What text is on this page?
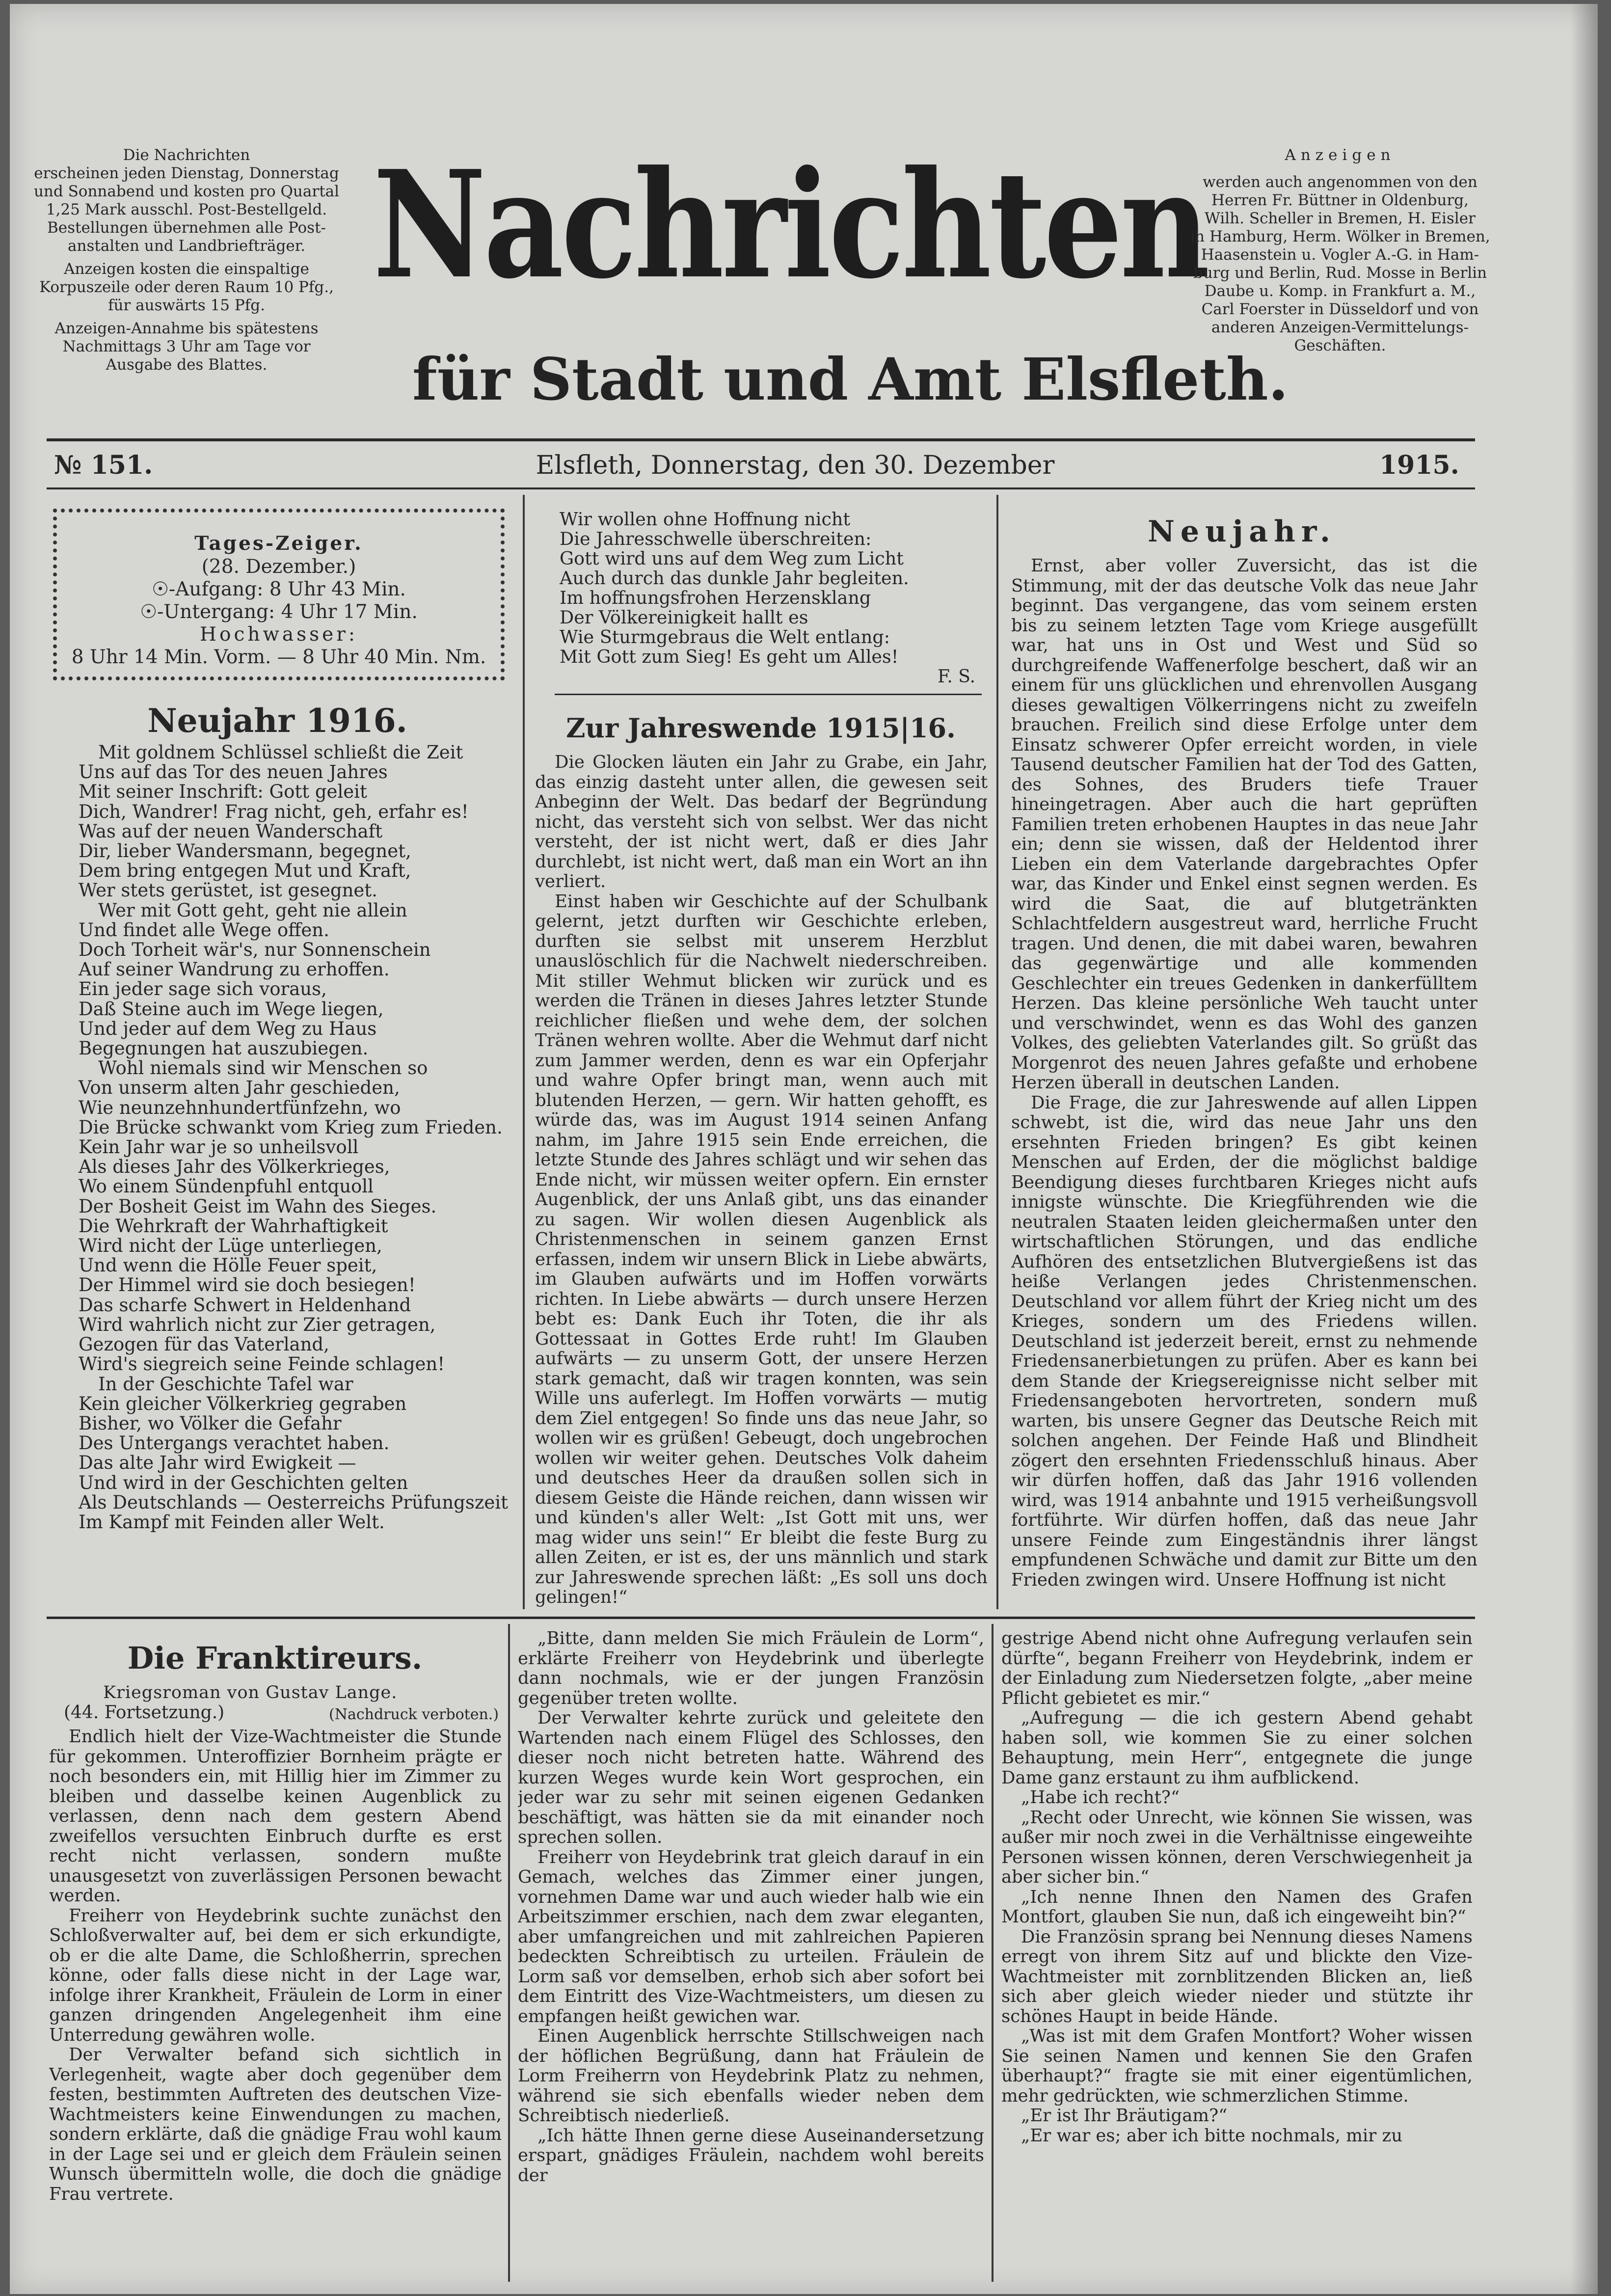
Die Nachrichten
erscheinen jeden Dienstag, Donnerstag
und Sonnabend und kosten pro Quartal
1,25 Mark ausschl. Post-Bestellgeld.
Bestellungen übernehmen alle Post-
anstalten und Landbriefträger.
Anzeigen kosten die einspaltige
Korpuszeile oder deren Raum 10 Pfg.,
für auswärts 15 Pfg.
Anzeigen-Annahme bis spätestens
Nachmittags 3 Uhr am Tage vor
Ausgabe des Blattes.
Nachrichten
für Stadt und Amt Elsfleth.
Anzeigen
werden auch angenommen von den
Herren Fr. Büttner in Oldenburg,
Wilh. Scheller in Bremen, H. Eisler
in Hamburg, Herm. Wölker in Bremen,
Haasenstein u. Vogler A.-G. in Ham-
burg und Berlin, Rud. Mosse in Berlin
Daube u. Komp. in Frankfurt a. M.,
Carl Foerster in Düsseldorf und von
anderen Anzeigen-Vermittelungs-
Geschäften.
№ 151.	Elsfleth, Donnerstag, den 30. Dezember	1915.
Tages-Zeiger.
(28. Dezember.)
☉-Aufgang: 8 Uhr 43 Min.
☉-Untergang: 4 Uhr 17 Min.
Hochwasser:
8 Uhr 14 Min. Vorm. — 8 Uhr 40 Min. Nm.
Neujahr 1916.
Mit goldnem Schlüssel schließt die Zeit
Uns auf das Tor des neuen Jahres
Mit seiner Inschrift: Gott geleit
Dich, Wandrer! Frag nicht, geh, erfahr es!
Was auf der neuen Wanderschaft
Dir, lieber Wandersmann, begegnet,
Dem bring entgegen Mut und Kraft,
Wer stets gerüstet, ist gesegnet.
Wer mit Gott geht, geht nie allein
Und findet alle Wege offen.
Doch Torheit wär's, nur Sonnenschein
Auf seiner Wandrung zu erhoffen.
Ein jeder sage sich voraus,
Daß Steine auch im Wege liegen,
Und jeder auf dem Weg zu Haus
Begegnungen hat auszubiegen.
Wohl niemals sind wir Menschen so
Von unserm alten Jahr geschieden,
Wie neunzehnhundertfünfzehn, wo
Die Brücke schwankt vom Krieg zum Frieden.
Kein Jahr war je so unheilsvoll
Als dieses Jahr des Völkerkrieges,
Wo einem Sündenpfuhl entquoll
Der Bosheit Geist im Wahn des Sieges.
Die Wehrkraft der Wahrhaftigkeit
Wird nicht der Lüge unterliegen,
Und wenn die Hölle Feuer speit,
Der Himmel wird sie doch besiegen!
Das scharfe Schwert in Heldenhand
Wird wahrlich nicht zur Zier getragen,
Gezogen für das Vaterland,
Wird's siegreich seine Feinde schlagen!
In der Geschichte Tafel war
Kein gleicher Völkerkrieg gegraben
Bisher, wo Völker die Gefahr
Des Untergangs verachtet haben.
Das alte Jahr wird Ewigkeit —
Und wird in der Geschichten gelten
Als Deutschlands — Oesterreichs Prüfungszeit
Im Kampf mit Feinden aller Welt.
Wir wollen ohne Hoffnung nicht
Die Jahresschwelle überschreiten:
Gott wird uns auf dem Weg zum Licht
Auch durch das dunkle Jahr begleiten.
Im hoffnungsfrohen Herzensklang
Der Völkereinigkeit hallt es
Wie Sturmgebraus die Welt entlang:
Mit Gott zum Sieg! Es geht um Alles!
F. S.
Zur Jahreswende 1915|16.

Die Glocken läuten ein Jahr zu Grabe, ein Jahr, das einzig dasteht unter allen, die gewesen seit Anbeginn der Welt. Das bedarf der Begründung nicht, das versteht sich von selbst. Wer das nicht versteht, der ist nicht wert, daß er dies Jahr durchlebt, ist nicht wert, daß man ein Wort an ihn verliert.

Einst haben wir Geschichte auf der Schulbank gelernt, jetzt durften wir Geschichte erleben, durften sie selbst mit unserem Herzblut unauslöschlich für die Nachwelt niederschreiben. Mit stiller Wehmut blicken wir zurück und es werden die Tränen in dieses Jahres letzter Stunde reichlicher fließen und wehe dem, der solchen Tränen wehren wollte. Aber die Wehmut darf nicht zum Jammer werden, denn es war ein Opferjahr und wahre Opfer bringt man, wenn auch mit blutenden Herzen, — gern. Wir hatten gehofft, es würde das, was im August 1914 seinen Anfang nahm, im Jahre 1915 sein Ende erreichen, die letzte Stunde des Jahres schlägt und wir sehen das Ende nicht, wir müssen weiter opfern. Ein ernster Augenblick, der uns Anlaß gibt, uns das einander zu sagen. Wir wollen diesen Augenblick als Christenmenschen in seinem ganzen Ernst erfassen, indem wir unsern Blick in Liebe abwärts, im Glauben aufwärts und im Hoffen vorwärts richten. In Liebe abwärts — durch unsere Herzen bebt es: Dank Euch ihr Toten, die ihr als Gottessaat in Gottes Erde ruht! Im Glauben aufwärts — zu unserm Gott, der unsere Herzen stark gemacht, daß wir tragen konnten, was sein Wille uns auferlegt. Im Hoffen vorwärts — mutig dem Ziel entgegen! So finde uns das neue Jahr, so wollen wir es grüßen! Gebeugt, doch ungebrochen wollen wir weiter gehen. Deutsches Volk daheim und deutsches Heer da draußen sollen sich in diesem Geiste die Hände reichen, dann wissen wir und künden's aller Welt: „Ist Gott mit uns, wer mag wider uns sein!“ Er bleibt die feste Burg zu allen Zeiten, er ist es, der uns männlich und stark zur Jahreswende sprechen läßt: „Es soll uns doch gelingen!“

Neujahr.

Ernst, aber voller Zuversicht, das ist die Stimmung, mit der das deutsche Volk das neue Jahr beginnt. Das vergangene, das vom seinem ersten bis zu seinem letzten Tage vom Kriege ausgefüllt war, hat uns in Ost und West und Süd so durchgreifende Waffenerfolge beschert, daß wir an einem für uns glücklichen und ehrenvollen Ausgang dieses gewaltigen Völkerringens nicht zu zweifeln brauchen. Freilich sind diese Erfolge unter dem Einsatz schwerer Opfer erreicht worden, in viele Tausend deutscher Familien hat der Tod des Gatten, des Sohnes, des Bruders tiefe Trauer hineingetragen. Aber auch die hart geprüften Familien treten erhobenen Hauptes in das neue Jahr ein; denn sie wissen, daß der Heldentod ihrer Lieben ein dem Vaterlande dargebrachtes Opfer war, das Kinder und Enkel einst segnen werden. Es wird die Saat, die auf blutgetränkten Schlachtfeldern ausgestreut ward, herrliche Frucht tragen. Und denen, die mit dabei waren, bewahren das gegenwärtige und alle kommenden Geschlechter ein treues Gedenken in dankerfülltem Herzen. Das kleine persönliche Weh taucht unter und verschwindet, wenn es das Wohl des ganzen Volkes, des geliebten Vaterlandes gilt. So grüßt das Morgenrot des neuen Jahres gefaßte und erhobene Herzen überall in deutschen Landen.

Die Frage, die zur Jahreswende auf allen Lippen schwebt, ist die, wird das neue Jahr uns den ersehnten Frieden bringen? Es gibt keinen Menschen auf Erden, der die möglichst baldige Beendigung dieses furchtbaren Krieges nicht aufs innigste wünschte. Die Kriegführenden wie die neutralen Staaten leiden gleichermaßen unter den wirtschaftlichen Störungen, und das endliche Aufhören des entsetzlichen Blutvergießens ist das heiße Verlangen jedes Christenmenschen. Deutschland vor allem führt der Krieg nicht um des Krieges, sondern um des Friedens willen. Deutschland ist jederzeit bereit, ernst zu nehmende Friedensanerbietungen zu prüfen. Aber es kann bei dem Stande der Kriegsereignisse nicht selber mit Friedensangeboten hervortreten, sondern muß warten, bis unsere Gegner das Deutsche Reich mit solchen angehen. Der Feinde Haß und Blindheit zögert den ersehnten Friedensschluß hinaus. Aber wir dürfen hoffen, daß das Jahr 1916 vollenden wird, was 1914 anbahnte und 1915 verheißungsvoll fortführte. Wir dürfen hoffen, daß das neue Jahr unsere Feinde zum Eingeständnis ihrer längst empfundenen Schwäche und damit zur Bitte um den Frieden zwingen wird. Unsere Hoffnung ist nicht

Die Franktireurs.
Kriegsroman von Gustav Lange.
(44. Fortsetzung.)	(Nachdruck verboten.)

Endlich hielt der Vize-Wachtmeister die Stunde für gekommen. Unteroffizier Bornheim prägte er noch besonders ein, mit Hillig hier im Zimmer zu bleiben und dasselbe keinen Augenblick zu verlassen, denn nach dem gestern Abend zweifellos versuchten Einbruch durfte es erst recht nicht verlassen, sondern mußte unausgesetzt von zuverlässigen Personen bewacht werden.

Freiherr von Heydebrink suchte zunächst den Schloßverwalter auf, bei dem er sich erkundigte, ob er die alte Dame, die Schloßherrin, sprechen könne, oder falls diese nicht in der Lage war, infolge ihrer Krankheit, Fräulein de Lorm in einer ganzen dringenden Angelegenheit ihm eine Unterredung gewähren wolle.

Der Verwalter befand sich sichtlich in Verlegenheit, wagte aber doch gegenüber dem festen, bestimmten Auftreten des deutschen Vize-Wachtmeisters keine Einwendungen zu machen, sondern erklärte, daß die gnädige Frau wohl kaum in der Lage sei und er gleich dem Fräulein seinen Wunsch übermitteln wolle, die doch die gnädige Frau vertrete.

„Bitte, dann melden Sie mich Fräulein de Lorm“, erklärte Freiherr von Heydebrink und überlegte dann nochmals, wie er der jungen Französin gegenüber treten wollte.

Der Verwalter kehrte zurück und geleitete den Wartenden nach einem Flügel des Schlosses, den dieser noch nicht betreten hatte. Während des kurzen Weges wurde kein Wort gesprochen, ein jeder war zu sehr mit seinen eigenen Gedanken beschäftigt, was hätten sie da mit einander noch sprechen sollen.

Freiherr von Heydebrink trat gleich darauf in ein Gemach, welches das Zimmer einer jungen, vornehmen Dame war und auch wieder halb wie ein Arbeitszimmer erschien, nach dem zwar eleganten, aber umfangreichen und mit zahlreichen Papieren bedeckten Schreibtisch zu urteilen. Fräulein de Lorm saß vor demselben, erhob sich aber sofort bei dem Eintritt des Vize-Wachtmeisters, um diesen zu empfangen heißt gewichen war.

Einen Augenblick herrschte Stillschweigen nach der höflichen Begrüßung, dann hat Fräulein de Lorm Freiherrn von Heydebrink Platz zu nehmen, während sie sich ebenfalls wieder neben dem Schreibtisch niederließ.

„Ich hätte Ihnen gerne diese Auseinandersetzung erspart, gnädiges Fräulein, nachdem wohl bereits der

gestrige Abend nicht ohne Aufregung verlaufen sein dürfte“, begann Freiherr von Heydebrink, indem er der Einladung zum Niedersetzen folgte, „aber meine Pflicht gebietet es mir.“

„Aufregung — die ich gestern Abend gehabt haben soll, wie kommen Sie zu einer solchen Behauptung, mein Herr“, entgegnete die junge Dame ganz erstaunt zu ihm aufblickend.

„Habe ich recht?“

„Recht oder Unrecht, wie können Sie wissen, was außer mir noch zwei in die Verhältnisse eingeweihte Personen wissen können, deren Verschwiegenheit ja aber sicher bin.“

„Ich nenne Ihnen den Namen des Grafen Montfort, glauben Sie nun, daß ich eingeweiht bin?“

Die Französin sprang bei Nennung dieses Namens erregt von ihrem Sitz auf und blickte den Vize-Wachtmeister mit zornblitzenden Blicken an, ließ sich aber gleich wieder nieder und stützte ihr schönes Haupt in beide Hände.

„Was ist mit dem Grafen Montfort? Woher wissen Sie seinen Namen und kennen Sie den Grafen überhaupt?“ fragte sie mit einer eigentümlichen, mehr gedrückten, wie schmerzlichen Stimme.

„Er ist Ihr Bräutigam?“

„Er war es; aber ich bitte nochmals, mir zu
